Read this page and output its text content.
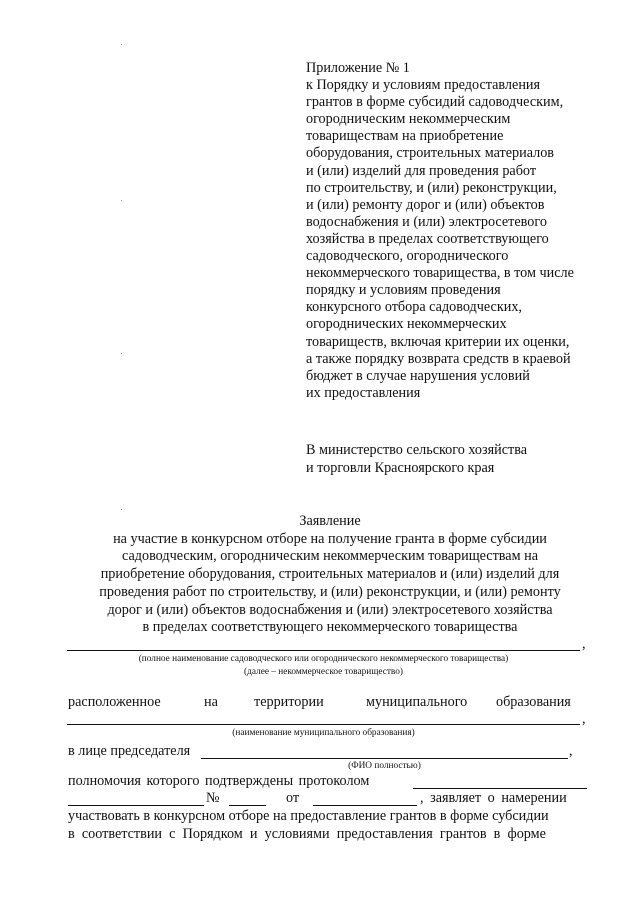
Приложение № 1
к Порядку и условиям предоставления
грантов в форме субсидий садоводческим,
огородническим некоммерческим
товариществам на приобретение
оборудования, строительных материалов
и (или) изделий для проведения работ
по строительству, и (или) реконструкции,
и (или) ремонту дорог и (или) объектов
водоснабжения и (или) электросетевого
хозяйства в пределах соответствующего
садоводческого, огороднического
некоммерческого товарищества, в том числе
порядку и условиям проведения
конкурсного отбора садоводческих,
огороднических некоммерческих
товариществ, включая критерии их оценки,
а также порядку возврата средств в краевой
бюджет в случае нарушения условий
их предоставления
В министерство сельского хозяйства
и торговли Красноярского края
Заявление
на участие в конкурсном отборе на получение гранта в форме субсидии
садоводческим, огородническим некоммерческим товариществам на
приобретение оборудования, строительных материалов и (или) изделий для
проведения работ по строительству, и (или) реконструкции, и (или) ремонту
дорог и (или) объектов водоснабжения и (или) электросетевого хозяйства
в пределах соответствующего некоммерческого товарищества
,
(полное наименование садоводческого или огороднического некоммерческого товарищества)
(далее – некоммерческое товарищество)
расположенное	на	территории	муниципального образования
,
(наименование муниципального образования)
в лице председателя	,
(ФИО полностью)
полномочия которого подтверждены протоколом
№	от	, заявляет о намерении
участвовать в конкурсном отборе на предоставление грантов в форме субсидии
в соответствии с Порядком и условиями предоставления грантов в форме
